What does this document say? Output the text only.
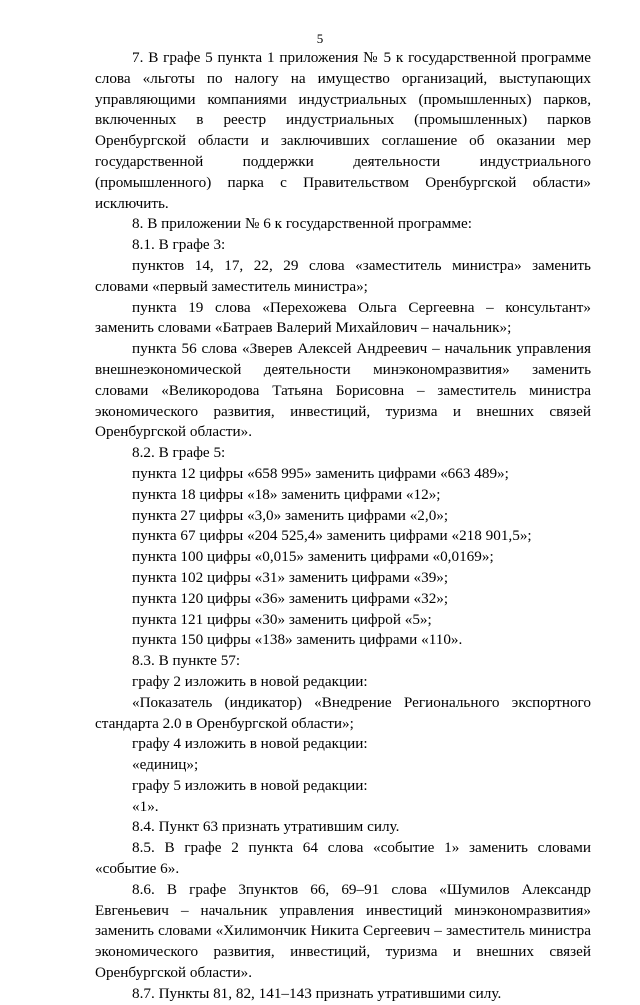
5

7. В графе 5 пункта 1 приложения № 5 к государственной программе слова «льготы по налогу на имущество организаций, выступающих управляющими компаниями индустриальных (промышленных) парков, включенных в реестр индустриальных (промышленных) парков Оренбургской области и заключивших соглашение об оказании мер государственной поддержки деятельности индустриального (промышленного) парка с Правительством Оренбургской области» исключить.

8. В приложении № 6 к государственной программе:

8.1. В графе 3:

пунктов 14, 17, 22, 29 слова «заместитель министра» заменить словами «первый заместитель министра»;

пункта 19 слова «Перехожева Ольга Сергеевна – консультант» заменить словами «Батраев Валерий Михайлович – начальник»;

пункта 56 слова «Зверев Алексей Андреевич – начальник управления внешнеэкономической деятельности минэкономразвития» заменить словами «Великородова Татьяна Борисовна – заместитель министра экономического развития, инвестиций, туризма и внешних связей Оренбургской области».

8.2. В графе 5:

пункта 12 цифры «658 995» заменить цифрами «663 489»;

пункта 18 цифры «18» заменить цифрами «12»;

пункта 27 цифры «3,0» заменить цифрами «2,0»;

пункта 67 цифры «204 525,4» заменить цифрами «218 901,5»;

пункта 100 цифры «0,015» заменить цифрами «0,0169»;

пункта 102 цифры «31» заменить цифрами «39»;

пункта 120 цифры «36» заменить цифрами «32»;

пункта 121 цифры «30» заменить цифрой «5»;

пункта 150 цифры «138» заменить цифрами «110».

8.3. В пункте 57:

графу 2 изложить в новой редакции:

«Показатель (индикатор) «Внедрение Регионального экспортного стандарта 2.0 в Оренбургской области»;

графу 4 изложить в новой редакции:

«единиц»;

графу 5 изложить в новой редакции:

«1».

8.4. Пункт 63 признать утратившим силу.

8.5. В графе 2 пункта 64 слова «событие 1» заменить словами «событие 6».

8.6. В графе 3пунктов 66, 69–91 слова «Шумилов Александр Евгеньевич – начальник управления инвестиций минэкономразвития» заменить словами «Хилимончик Никита Сергеевич – заместитель министра экономического развития, инвестиций, туризма и внешних связей Оренбургской области».

8.7. Пункты 81, 82, 141–143 признать утратившими силу.
